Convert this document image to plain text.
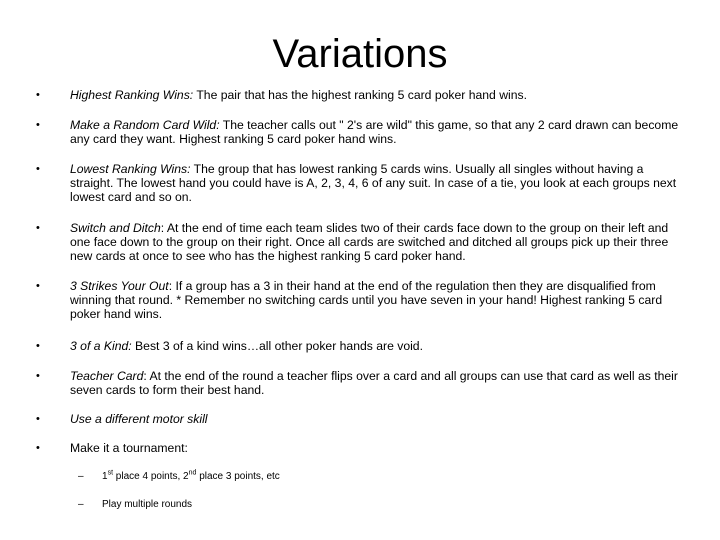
Variations
•	Highest Ranking Wins: The pair that has the highest ranking 5 card poker hand wins.
•	Make a Random Card Wild: The teacher calls out " 2's are wild" this game, so that any 2 card drawn can become any card they want. Highest ranking 5 card poker hand wins.
•	Lowest Ranking Wins: The group that has lowest ranking 5 cards wins. Usually all singles without having a straight. The lowest hand you could have is A, 2, 3, 4, 6 of any suit. In case of a tie, you look at each groups next lowest card and so on.
•	Switch and Ditch: At the end of time each team slides two of their cards face down to the group on their left and one face down to the group on their right. Once all cards are switched and ditched all groups pick up their three new cards at once to see who has the highest ranking 5 card poker hand.
•	3 Strikes Your Out: If a group has a 3 in their hand at the end of the regulation then they are disqualified from winning that round. * Remember no switching cards until you have seven in your hand! Highest ranking 5 card poker hand wins.
•	3 of a Kind: Best 3 of a kind wins…all other poker hands are void.
•	Teacher Card: At the end of the round a teacher flips over a card and all groups can use that card as well as their seven cards to form their best hand.
•	Use a different motor skill
•	Make it a tournament:
– 1st place 4 points, 2nd place 3 points, etc
– Play multiple rounds
